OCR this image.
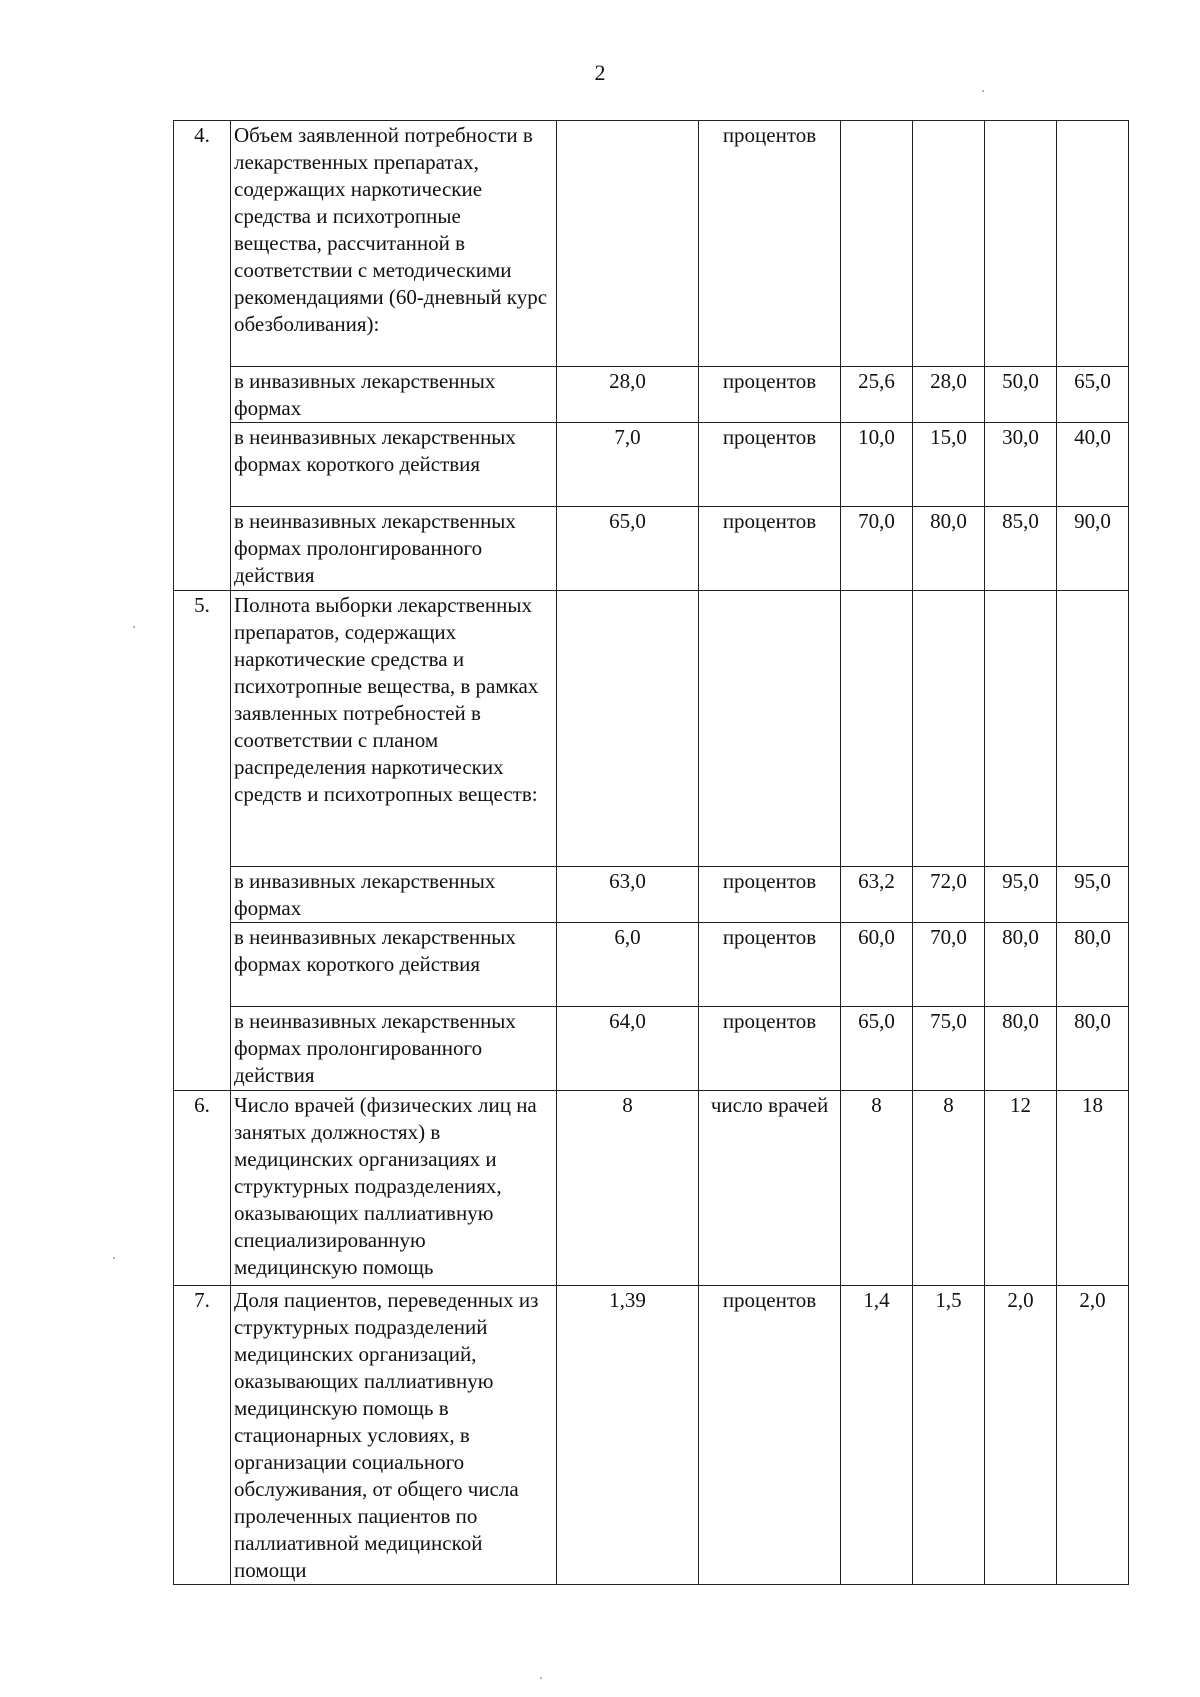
2
4.	Объем заявленной потребности в лекарственных препаратах, содержащих наркотические средства и психотропные вещества, рассчитанной в соответствии с методическими рекомендациями (60-дневный курс обезболивания):		процентов				
	в инвазивных лекарственных формах	28,0	процентов	25,6	28,0	50,0	65,0
	в неинвазивных лекарственных формах короткого действия	7,0	процентов	10,0	15,0	30,0	40,0
	в неинвазивных лекарственных формах пролонгированного действия	65,0	процентов	70,0	80,0	85,0	90,0
5.	Полнота выборки лекарственных препаратов, содержащих наркотические средства и психотропные вещества, в рамках заявленных потребностей в соответствии с планом распределения наркотических средств и психотропных веществ:						
	в инвазивных лекарственных формах	63,0	процентов	63,2	72,0	95,0	95,0
	в неинвазивных лекарственных формах короткого действия	6,0	процентов	60,0	70,0	80,0	80,0
	в неинвазивных лекарственных формах пролонгированного действия	64,0	процентов	65,0	75,0	80,0	80,0
6.	Число врачей (физических лиц на занятых должностях) в медицинских организациях и структурных подразделениях, оказывающих паллиативную специализированную медицинскую помощь	8	число врачей	8	8	12	18
7.	Доля пациентов, переведенных из структурных подразделений медицинских организаций, оказывающих паллиативную медицинскую помощь в стационарных условиях, в организации социального обслуживания, от общего числа пролеченных пациентов по паллиативной медицинской помощи	1,39	процентов	1,4	1,5	2,0	2,0
